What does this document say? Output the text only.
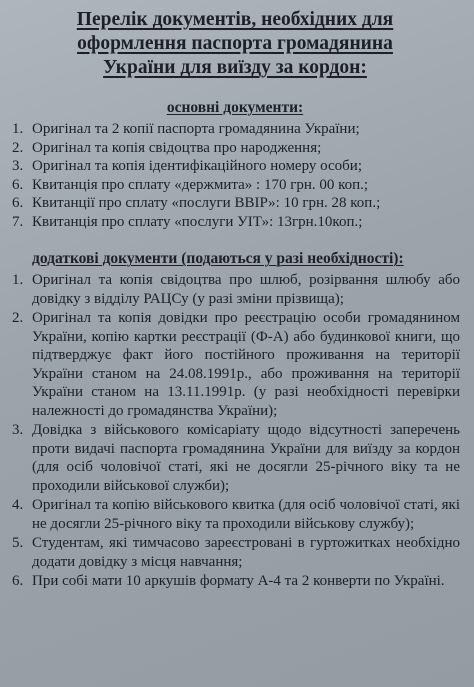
Перелік документів, необхідних для
оформлення паспорта громадянина
України для виїзду за кордон:
основні документи:
1. Оригінал та 2 копії паспорта громадянина України;
2. Оригінал та копія свідоцтва про народження;
3. Оригінал та копія ідентифікаційного номеру особи;
6. Квитанція про сплату «держмита» : 170 грн. 00 коп.;
6. Квитанції про сплату «послуги ВВІР»: 10 грн. 28 коп.;
7. Квитанція про сплату «послуги УІТ»: 13грн.10коп.;
додаткові документи (подаються у разі необхідності):
1. Оригінал та копія свідоцтва про шлюб, розірвання шлюбу або довідку з відділу РАЦСу (у разі зміни прізвища);
2. Оригінал та копія довідки про реєстрацію особи громадянином України, копію картки реєстрації (Ф-А) або будинкової книги, що підтверджує факт його постійного проживання на території України станом на 24.08.1991р., або проживання на території України станом на 13.11.1991р. (у разі необхідності перевірки належності до громадянства України);
3. Довідка з військового комісаріату щодо відсутності заперечень проти видачі паспорта громадянина України для виїзду за кордон (для осіб чоловічої статі, які не досягли 25-річного віку та не проходили військової служби);
4. Оригінал та копію військового квитка (для осіб чоловічої статі, які не досягли 25-річного віку та проходили військову службу);
5. Студентам, які тимчасово зареєстровані в гуртожитках необхідно додати довідку з місця навчання;
6. При собі мати 10 аркушів формату А-4 та 2 конверти по Україні.
